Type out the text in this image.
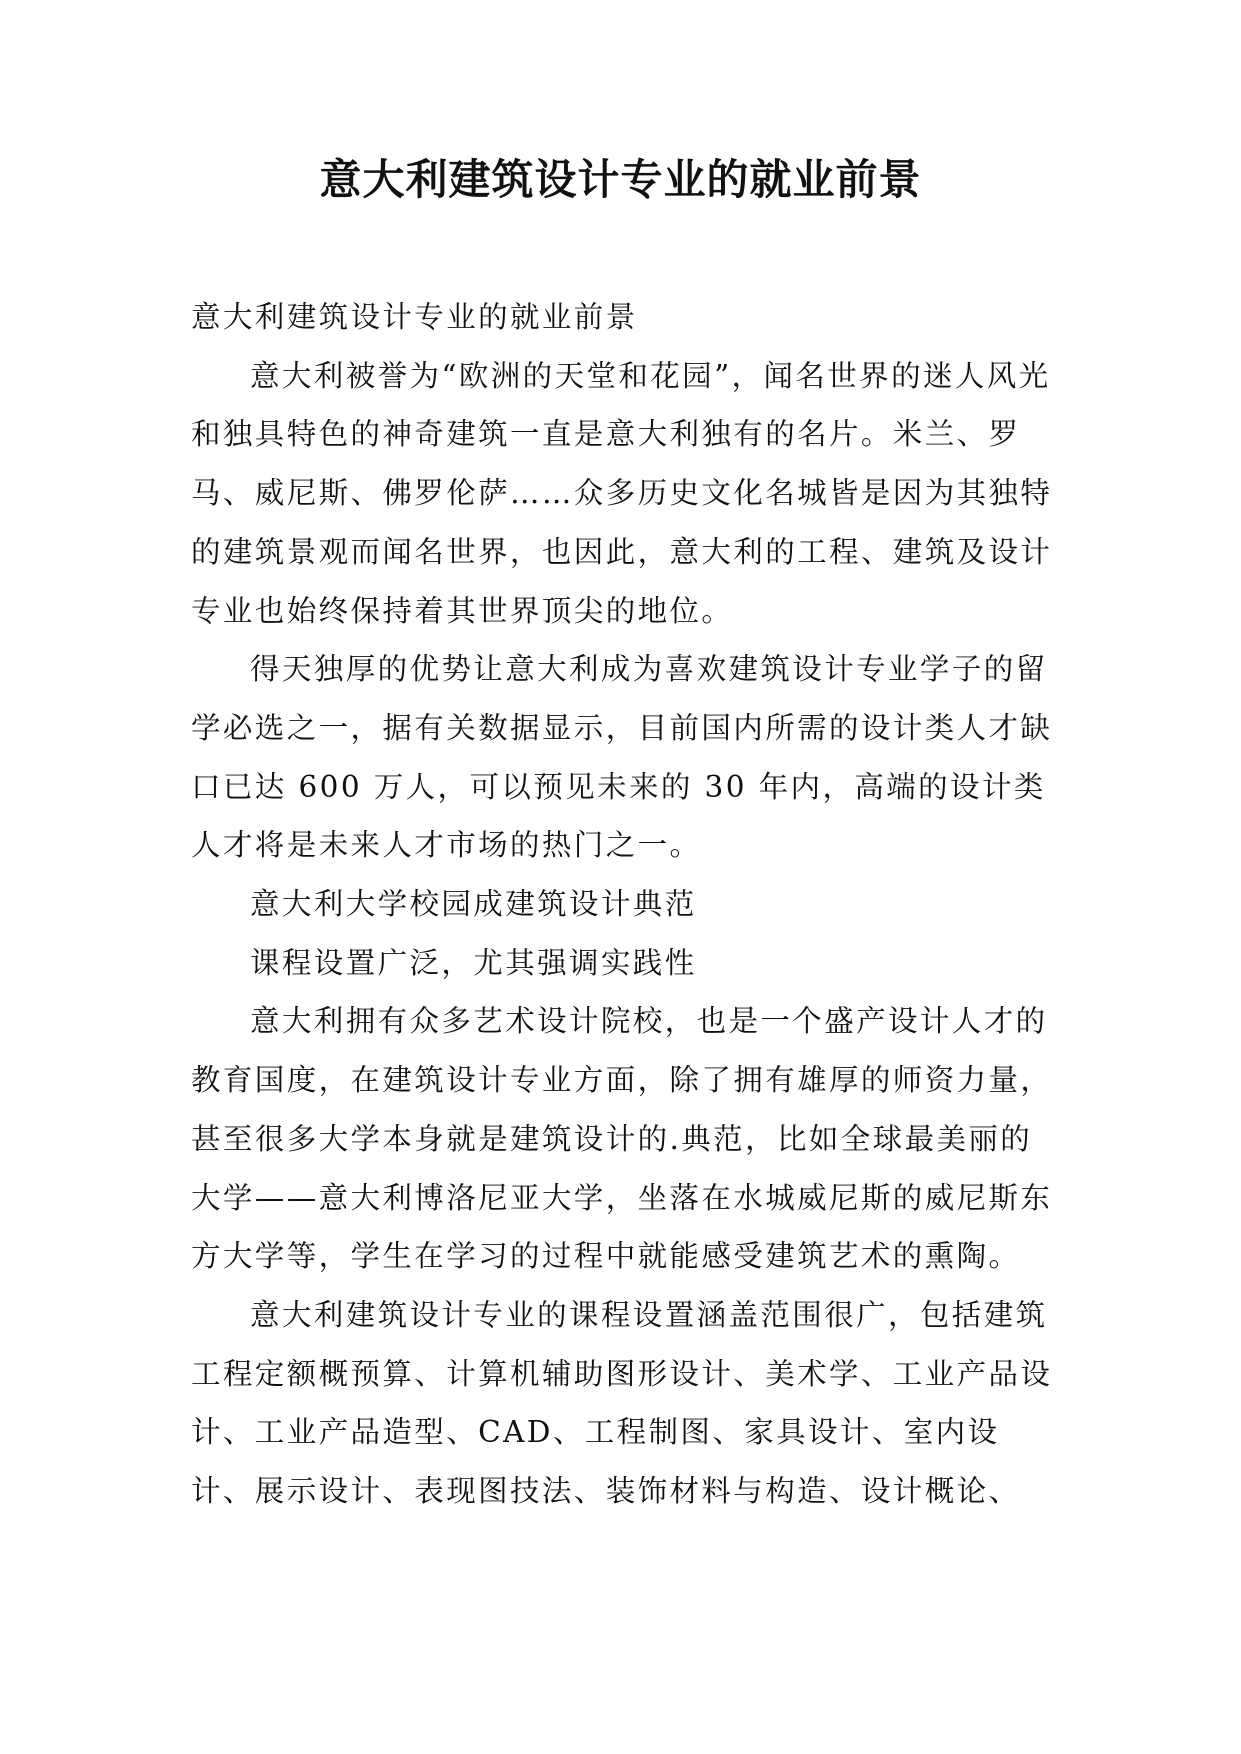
意大利建筑设计专业的就业前景

意大利建筑设计专业的就业前景

意大利被誉为“欧洲的天堂和花园”，闻名世界的迷人风光和独具特色的神奇建筑一直是意大利独有的名片。米兰、罗马、威尼斯、佛罗伦萨……众多历史文化名城皆是因为其独特的建筑景观而闻名世界，也因此，意大利的工程、建筑及设计专业也始终保持着其世界顶尖的地位。

得天独厚的优势让意大利成为喜欢建筑设计专业学子的留学必选之一，据有关数据显示，目前国内所需的设计类人才缺口已达 600 万人，可以预见未来的 30 年内，高端的设计类人才将是未来人才市场的热门之一。

意大利大学校园成建筑设计典范

课程设置广泛，尤其强调实践性

意大利拥有众多艺术设计院校，也是一个盛产设计人才的教育国度，在建筑设计专业方面，除了拥有雄厚的师资力量，甚至很多大学本身就是建筑设计的.典范，比如全球最美丽的大学——意大利博洛尼亚大学，坐落在水城威尼斯的威尼斯东方大学等，学生在学习的过程中就能感受建筑艺术的熏陶。

意大利建筑设计专业的课程设置涵盖范围很广，包括建筑工程定额概预算、计算机辅助图形设计、美术学、工业产品设计、工业产品造型、CAD、工程制图、家具设计、室内设计、展示设计、表现图技法、装饰材料与构造、设计概论、
